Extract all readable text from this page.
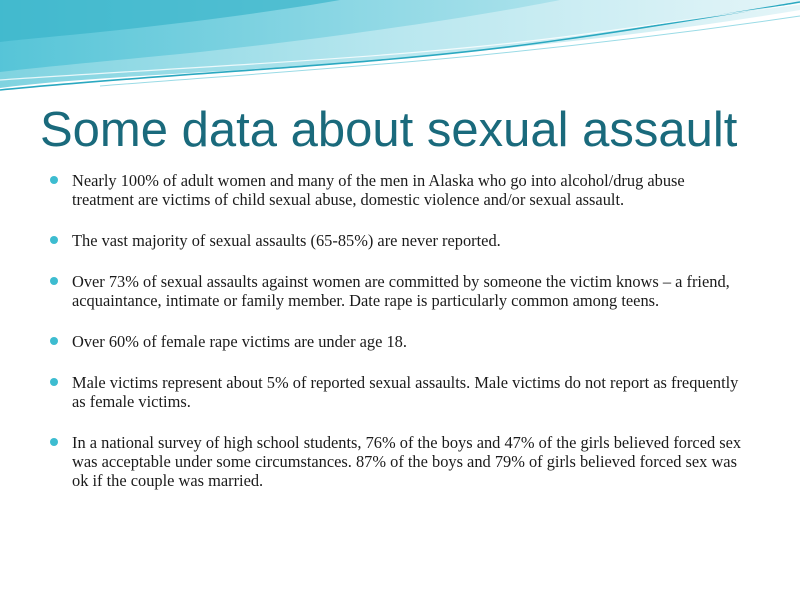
Some data about sexual assault
Nearly 100% of adult women and many of the men in Alaska who go into alcohol/drug abuse treatment are victims of child sexual abuse, domestic violence and/or sexual assault.
The vast majority of sexual assaults (65-85%) are never reported.
Over 73% of sexual assaults against women are committed by someone the victim knows – a friend, acquaintance, intimate or family member. Date rape is particularly common among teens.
Over 60% of female rape victims are under age 18.
Male victims represent about 5% of reported sexual assaults. Male victims do not report as frequently as female victims.
In a national survey of high school students, 76% of the boys and 47% of the girls believed forced sex was acceptable under some circumstances. 87% of the boys and 79% of girls believed forced sex was ok if the couple was married.
